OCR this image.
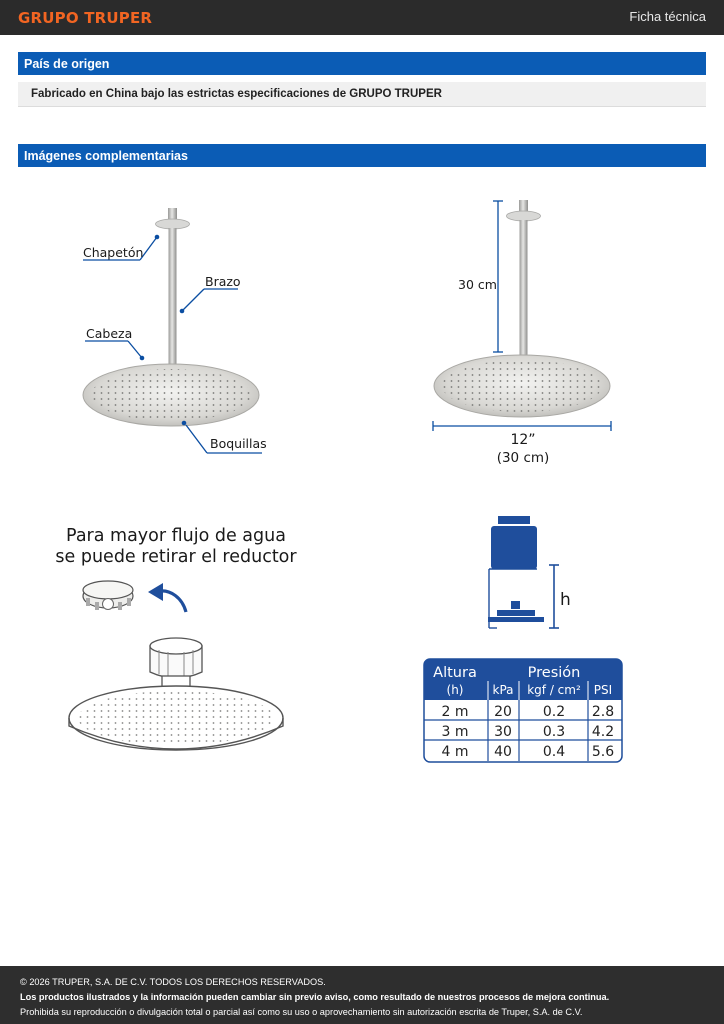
GRUPO TRUPER	Ficha técnica
País de origen
Fabricado en China bajo las estrictas especificaciones de GRUPO TRUPER
Imágenes complementarias
Chapetón
Brazo
Cabeza
Boquillas
30 cm
12”
(30 cm)
Para mayor flujo de agua
se puede retirar el reductor
h
Altura	Presión
(h) kPa kgf / cm² PSI
2 m 20 0.2 2.8
3 m 30 0.3 4.2
4 m 40 0.4 5.6
© 2026 TRUPER, S.A. DE C.V. TODOS LOS DERECHOS RESERVADOS.
Los productos ilustrados y la información pueden cambiar sin previo aviso, como resultado de nuestros procesos de mejora continua.
Prohibida su reproducción o divulgación total o parcial así como su uso o aprovechamiento sin autorización escrita de Truper, S.A. de C.V.
